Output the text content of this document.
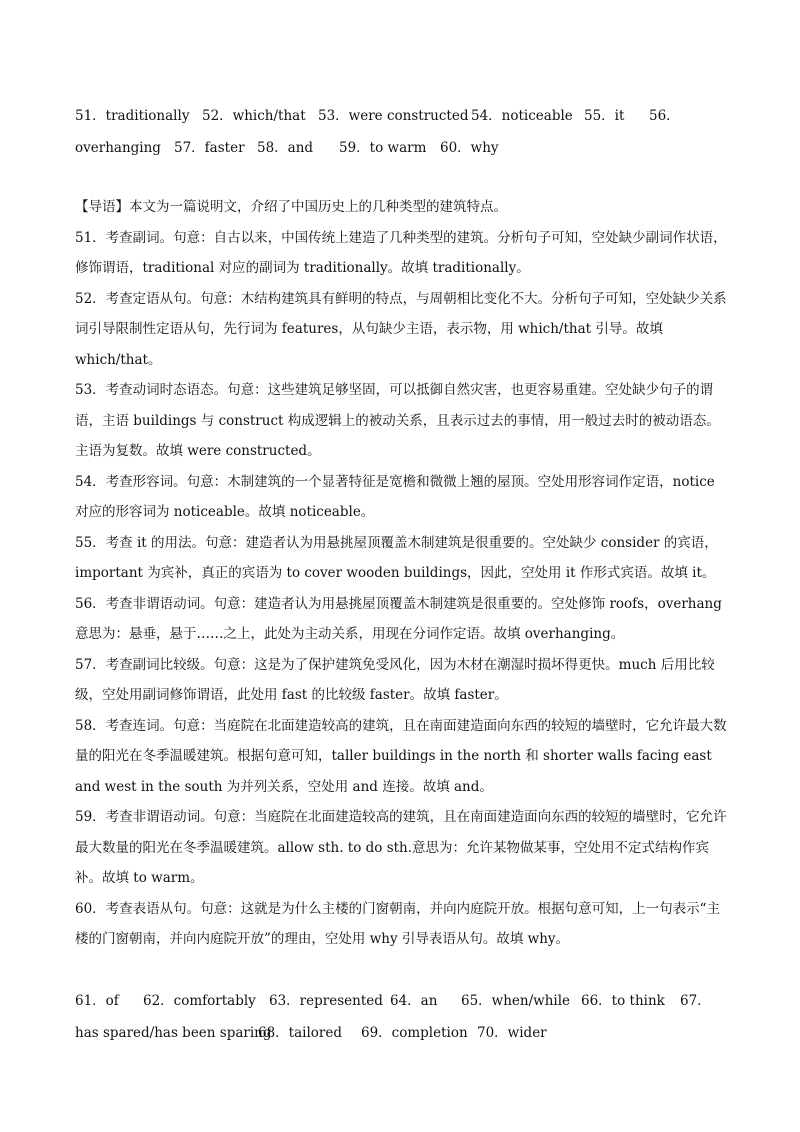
51．traditionally 52．which/that 53．were constructed 54．noticeable 55．it 56．
overhanging 57．faster 58．and 59．to warm 60．why

【导语】本文为一篇说明文，介绍了中国历史上的几种类型的建筑特点。

51．考查副词。句意：自古以来，中国传统上建造了几种类型的建筑。分析句子可知，空处缺少副词作状语，修饰谓语，traditional 对应的副词为 traditionally。故填 traditionally。

52．考查定语从句。句意：木结构建筑具有鲜明的特点，与周朝相比变化不大。分析句子可知，空处缺少关系词引导限制性定语从句，先行词为 features，从句缺少主语，表示物，用 which/that 引导。故填 which/that。

53．考查动词时态语态。句意：这些建筑足够坚固，可以抵御自然灾害，也更容易重建。空处缺少句子的谓语，主语 buildings 与 construct 构成逻辑上的被动关系，且表示过去的事情，用一般过去时的被动语态。主语为复数。故填 were constructed。

54．考查形容词。句意：木制建筑的一个显著特征是宽檐和微微上翘的屋顶。空处用形容词作定语，notice 对应的形容词为 noticeable。故填 noticeable。

55．考查 it 的用法。句意：建造者认为用悬挑屋顶覆盖木制建筑是很重要的。空处缺少 consider 的宾语，important 为宾补，真正的宾语为 to cover wooden buildings，因此，空处用 it 作形式宾语。故填 it。

56．考查非谓语动词。句意：建造者认为用悬挑屋顶覆盖木制建筑是很重要的。空处修饰 roofs，overhang 意思为：悬垂，悬于……之上，此处为主动关系，用现在分词作定语。故填 overhanging。

57．考查副词比较级。句意：这是为了保护建筑免受风化，因为木材在潮湿时损坏得更快。much 后用比较级，空处用副词修饰谓语，此处用 fast 的比较级 faster。故填 faster。

58．考查连词。句意：当庭院在北面建造较高的建筑，且在南面建造面向东西的较短的墙壁时，它允许最大数量的阳光在冬季温暖建筑。根据句意可知，taller buildings in the north 和 shorter walls facing east and west in the south 为并列关系，空处用 and 连接。故填 and。

59．考查非谓语动词。句意：当庭院在北面建造较高的建筑，且在南面建造面向东西的较短的墙壁时，它允许最大数量的阳光在冬季温暖建筑。allow sth. to do sth.意思为：允许某物做某事，空处用不定式结构作宾补。故填 to warm。

60．考查表语从句。句意：这就是为什么主楼的门窗朝南，并向内庭院开放。根据句意可知，上一句表示“主楼的门窗朝南，并向内庭院开放”的理由，空处用 why 引导表语从句。故填 why。

61．of 62．comfortably 63．represented 64．an 65．when/while 66．to think 67．
has spared/has been sparing68．tailored 69．completion 70．wider
